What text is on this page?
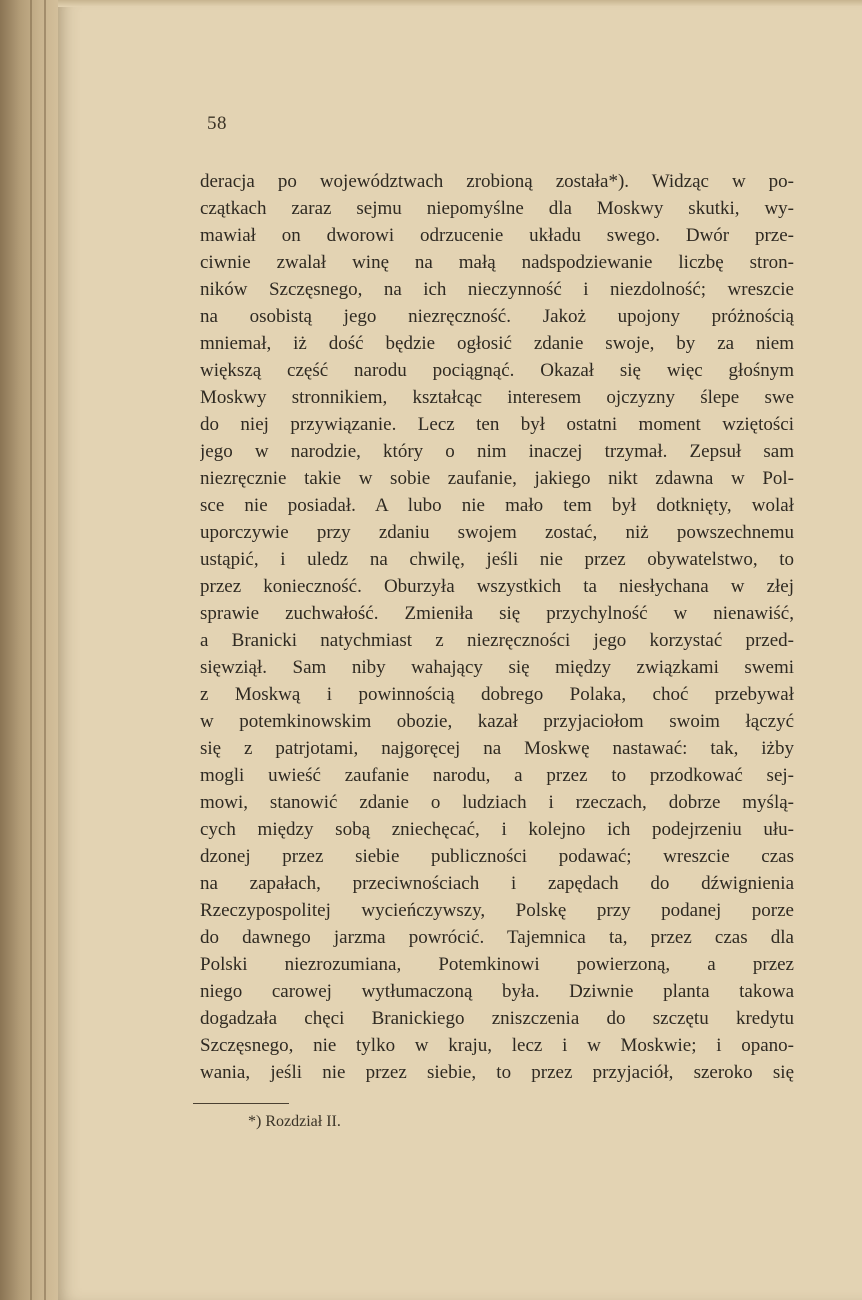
58
deracja po województwach zrobioną została*). Widząc w po-
czątkach zaraz sejmu niepomyślne dla Moskwy skutki, wy-
mawiał on dworowi odrzucenie układu swego. Dwór prze-
ciwnie zwalał winę na małą nadspodziewanie liczbę stron-
ników Szczęsnego, na ich nieczynność i niezdolność; wreszcie
na osobistą jego niezręczność. Jakoż upojony próżnością
mniemał, iż dość będzie ogłosić zdanie swoje, by za niem
większą część narodu pociągnąć. Okazał się więc głośnym
Moskwy stronnikiem, kształcąc interesem ojczyzny ślepe swe
do niej przywiązanie. Lecz ten był ostatni moment wziętości
jego w narodzie, który o nim inaczej trzymał. Zepsuł sam
niezręcznie takie w sobie zaufanie, jakiego nikt zdawna w Pol-
sce nie posiadał. A lubo nie mało tem był dotknięty, wolał
uporczywie przy zdaniu swojem zostać, niż powszechnemu
ustąpić, i uledz na chwilę, jeśli nie przez obywatelstwo, to
przez konieczność. Oburzyła wszystkich ta niesłychana w złej
sprawie zuchwałość. Zmieniła się przychylność w nienawiść,
a Branicki natychmiast z niezręczności jego korzystać przed-
sięwziął. Sam niby wahający się między związkami swemi
z Moskwą i powinnością dobrego Polaka, choć przebywał
w potemkinowskim obozie, kazał przyjaciołom swoim łączyć
się z patrjotami, najgoręcej na Moskwę nastawać: tak, iżby
mogli uwieść zaufanie narodu, a przez to przodkować sej-
mowi, stanowić zdanie o ludziach i rzeczach, dobrze myślą-
cych między sobą zniechęcać, i kolejno ich podejrzeniu ułu-
dzonej przez siebie publiczności podawać; wreszcie czas
na zapałach, przeciwnościach i zapędach do dźwignienia
Rzeczypospolitej wycieńczywszy, Polskę przy podanej porze
do dawnego jarzma powrócić. Tajemnica ta, przez czas dla
Polski niezrozumiana, Potemkinowi powierzoną, a przez
niego carowej wytłumaczoną była. Dziwnie planta takowa
dogadzała chęci Branickiego zniszczenia do szczętu kredytu
Szczęsnego, nie tylko w kraju, lecz i w Moskwie; i opano-
wania, jeśli nie przez siebie, to przez przyjaciół, szeroko się
*) Rozdział II.
